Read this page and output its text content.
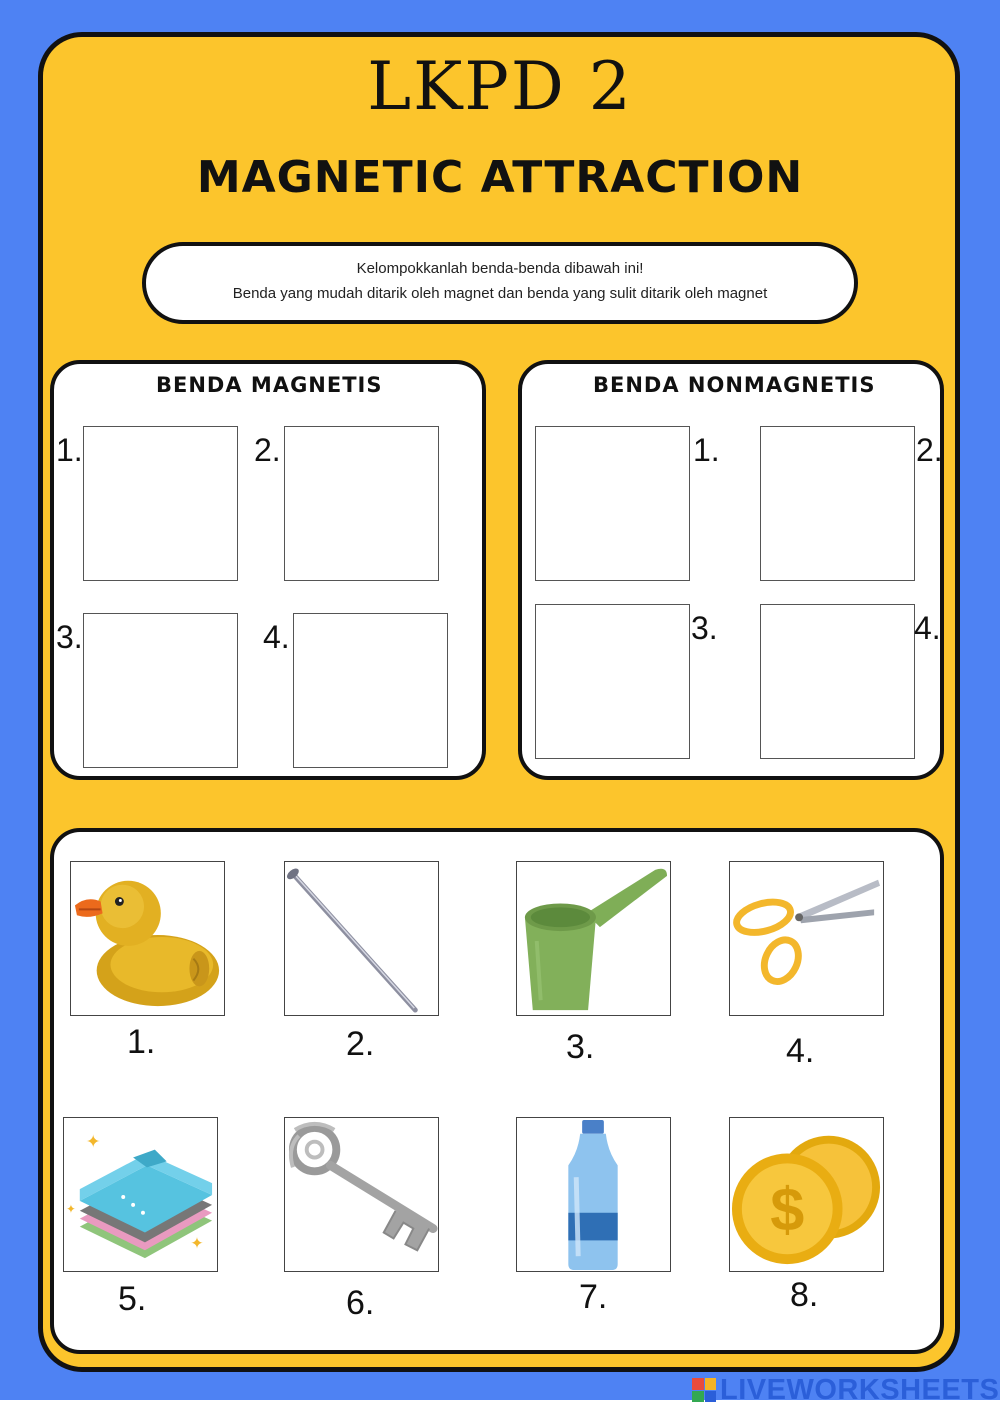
LKPD 2
MAGNETIC ATTRACTION
Kelompokkanlah benda-benda dibawah ini!
Benda yang mudah ditarik oleh magnet dan benda yang sulit ditarik oleh magnet
BENDA MAGNETIS
1.	2.
3.	4.
BENDA NONMAGNETIS
1.	2.
3.	4.
1.	2.	3.	4.
✦
✦
✦
5.	6.	7.
$
8.
LIVEWORKSHEETS
